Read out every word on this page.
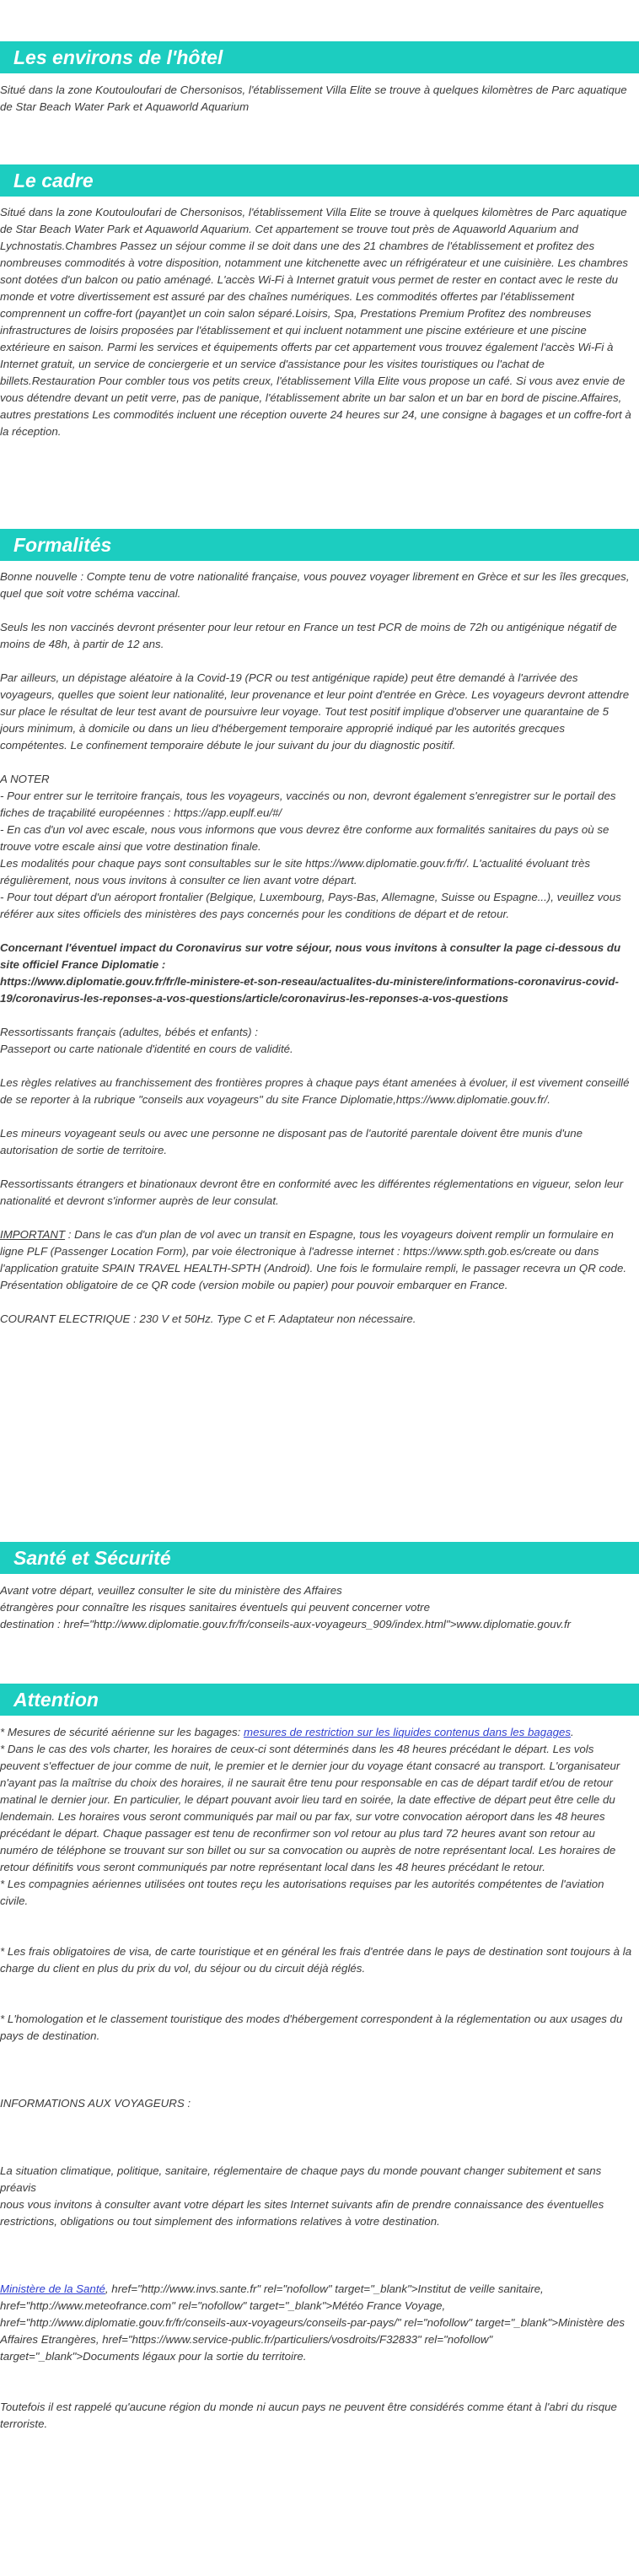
Les environs de l'hôtel

Situé dans la zone Koutouloufari de Chersonisos, l'établissement Villa Elite se trouve à quelques kilomètres de Parc aquatique de Star Beach Water Park et Aquaworld Aquarium

Le cadre

Situé dans la zone Koutouloufari de Chersonisos, l'établissement Villa Elite se trouve à quelques kilomètres de Parc aquatique de Star Beach Water Park et Aquaworld Aquarium. Cet appartement se trouve tout près de Aquaworld Aquarium and Lychnostatis.Chambres Passez un séjour comme il se doit dans une des 21 chambres de l'établissement et profitez des nombreuses commodités à votre disposition, notamment une kitchenette avec un réfrigérateur et une cuisinière. Les chambres sont dotées d'un balcon ou patio aménagé. L'accès Wi-Fi à Internet gratuit vous permet de rester en contact avec le reste du monde et votre divertissement est assuré par des chaînes numériques. Les commodités offertes par l'établissement comprennent un coffre-fort (payant)et un coin salon séparé.Loisirs, Spa, Prestations Premium Profitez des nombreuses infrastructures de loisirs proposées par l'établissement et qui incluent notamment une piscine extérieure et une piscine extérieure en saison. Parmi les services et équipements offerts par cet appartement vous trouvez également l'accès Wi-Fi à Internet gratuit, un service de conciergerie et un service d'assistance pour les visites touristiques ou l'achat de billets.Restauration Pour combler tous vos petits creux, l'établissement Villa Elite vous propose un café. Si vous avez envie de vous détendre devant un petit verre, pas de panique, l'établissement abrite un bar salon et un bar en bord de piscine.Affaires, autres prestations Les commodités incluent une réception ouverte 24 heures sur 24, une consigne à bagages et un coffre-fort à la réception.

Formalités

Bonne nouvelle : Compte tenu de votre nationalité française, vous pouvez voyager librement en Grèce et sur les îles grecques, quel que soit votre schéma vaccinal.

Seuls les non vaccinés devront présenter pour leur retour en France un test PCR de moins de 72h ou antigénique négatif de moins de 48h, à partir de 12 ans.

Par ailleurs, un dépistage aléatoire à la Covid-19 (PCR ou test antigénique rapide) peut être demandé à l'arrivée des voyageurs, quelles que soient leur nationalité, leur provenance et leur point d'entrée en Grèce. Les voyageurs devront attendre sur place le résultat de leur test avant de poursuivre leur voyage. Tout test positif implique d'observer une quarantaine de 5 jours minimum, à domicile ou dans un lieu d'hébergement temporaire approprié indiqué par les autorités grecques compétentes. Le confinement temporaire débute le jour suivant du jour du diagnostic positif.

A NOTER

- Pour entrer sur le territoire français, tous les voyageurs, vaccinés ou non, devront également s'enregistrer sur le portail des fiches de traçabilité européennes : https://app.euplf.eu/#/

- En cas d'un vol avec escale, nous vous informons que vous devrez être conforme aux formalités sanitaires du pays où se trouve votre escale ainsi que votre destination finale.

Les modalités pour chaque pays sont consultables sur le site https://www.diplomatie.gouv.fr/fr/. L'actualité évoluant très régulièrement, nous vous invitons à consulter ce lien avant votre départ.

- Pour tout départ d'un aéroport frontalier (Belgique, Luxembourg, Pays-Bas, Allemagne, Suisse ou Espagne...), veuillez vous référer aux sites officiels des ministères des pays concernés pour les conditions de départ et de retour.

Concernant l'éventuel impact du Coronavirus sur votre séjour, nous vous invitons à consulter la page ci-dessous du site officiel France Diplomatie :

https://www.diplomatie.gouv.fr/fr/le-ministere-et-son-reseau/actualites-du-ministere/informations-coronavirus-covid-19/coronavirus-les-reponses-a-vos-questions/article/coronavirus-les-reponses-a-vos-questions

Ressortissants français (adultes, bébés et enfants) :

Passeport ou carte nationale d'identité en cours de validité.

Les règles relatives au franchissement des frontières propres à chaque pays étant amenées à évoluer, il est vivement conseillé de se reporter à la rubrique "conseils aux voyageurs" du site France Diplomatie,https://www.diplomatie.gouv.fr/.

Les mineurs voyageant seuls ou avec une personne ne disposant pas de l'autorité parentale doivent être munis d'une autorisation de sortie de territoire.

Ressortissants étrangers et binationaux devront être en conformité avec les différentes réglementations en vigueur, selon leur nationalité et devront s'informer auprès de leur consulat.

IMPORTANT : Dans le cas d'un plan de vol avec un transit en Espagne, tous les voyageurs doivent remplir un formulaire en ligne PLF (Passenger Location Form), par voie électronique à l'adresse internet : https://www.spth.gob.es/create ou dans l'application gratuite SPAIN TRAVEL HEALTH-SPTH (Android). Une fois le formulaire rempli, le passager recevra un QR code. Présentation obligatoire de ce QR code (version mobile ou papier) pour pouvoir embarquer en France.

COURANT ELECTRIQUE : 230 V et 50Hz. Type C et F. Adaptateur non nécessaire.

Santé et Sécurité

Avant votre départ, veuillez consulter le site du ministère des Affaires

étrangères pour connaître les risques sanitaires éventuels qui peuvent concerner votre

destination : href="http://www.diplomatie.gouv.fr/fr/conseils-aux-voyageurs_909/index.html">www.diplomatie.gouv.fr

Attention

* Mesures de sécurité aérienne sur les bagages: mesures de restriction sur les liquides contenus dans les bagages.

* Dans le cas des vols charter, les horaires de ceux-ci sont déterminés dans les 48 heures précédant le départ. Les vols peuvent s'effectuer de jour comme de nuit, le premier et le dernier jour du voyage étant consacré au transport. L'organisateur n'ayant pas la maîtrise du choix des horaires, il ne saurait être tenu pour responsable en cas de départ tardif et/ou de retour matinal le dernier jour. En particulier, le départ pouvant avoir lieu tard en soirée, la date effective de départ peut être celle du lendemain. Les horaires vous seront communiqués par mail ou par fax, sur votre convocation aéroport dans les 48 heures précédant le départ. Chaque passager est tenu de reconfirmer son vol retour au plus tard 72 heures avant son retour au numéro de téléphone se trouvant sur son billet ou sur sa convocation ou auprès de notre représentant local. Les horaires de retour définitifs vous seront communiqués par notre représentant local dans les 48 heures précédant le retour.

* Les compagnies aériennes utilisées ont toutes reçu les autorisations requises par les autorités compétentes de l'aviation civile.

* Les frais obligatoires de visa, de carte touristique et en général les frais d'entrée dans le pays de destination sont toujours à la charge du client en plus du prix du vol, du séjour ou du circuit déjà réglés.

* L'homologation et le classement touristique des modes d'hébergement correspondent à la réglementation ou aux usages du pays de destination.

INFORMATIONS AUX VOYAGEURS :

La situation climatique, politique, sanitaire, réglementaire de chaque pays du monde pouvant changer subitement et sans préavis

nous vous invitons à consulter avant votre départ les sites Internet suivants afin de prendre connaissance des éventuelles restrictions, obligations ou tout simplement des informations relatives à votre destination.

Ministère de la Santé, href="http://www.invs.sante.fr" rel="nofollow" target="_blank">Institut de veille sanitaire, href="http://www.meteofrance.com" rel="nofollow" target="_blank">Météo France Voyage, href="http://www.diplomatie.gouv.fr/fr/conseils-aux-voyageurs/conseils-par-pays/" rel="nofollow" target="_blank">Ministère des Affaires Etrangères, href="https://www.service-public.fr/particuliers/vosdroits/F32833" rel="nofollow" target="_blank">Documents légaux pour la sortie du territoire.

Toutefois il est rappelé qu'aucune région du monde ni aucun pays ne peuvent être considérés comme étant à l'abri du risque terroriste.
